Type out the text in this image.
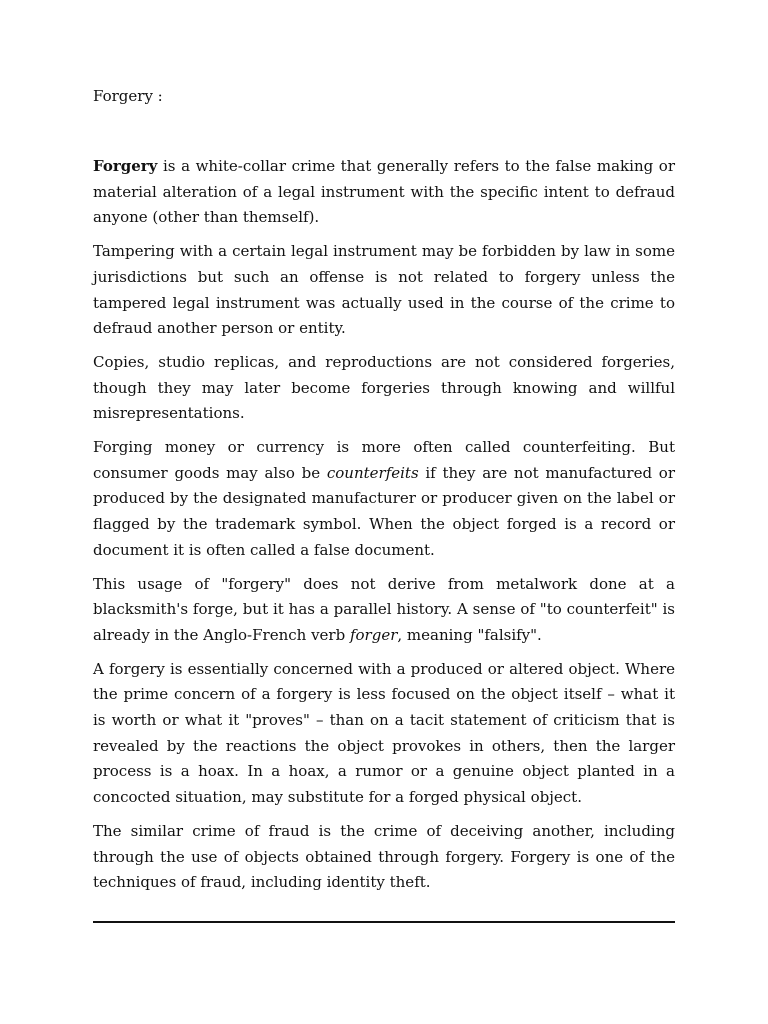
Forgery :

Forgery is a white-collar crime that generally refers to the false making or material alteration of a legal instrument with the specific intent to defraud anyone (other than themself).

Tampering with a certain legal instrument may be forbidden by law in some jurisdictions but such an offense is not related to forgery unless the tampered legal instrument was actually used in the course of the crime to defraud another person or entity.

Copies, studio replicas, and reproductions are not considered forgeries, though they may later become forgeries through knowing and willful misrepresentations.

Forging money or currency is more often called counterfeiting. But consumer goods may also be counterfeits if they are not manufactured or produced by the designated manufacturer or producer given on the label or flagged by the trademark symbol. When the object forged is a record or document it is often called a false document.

This usage of "forgery" does not derive from metalwork done at a blacksmith's forge, but it has a parallel history. A sense of "to counterfeit" is already in the Anglo-French verb forger, meaning "falsify".

A forgery is essentially concerned with a produced or altered object. Where the prime concern of a forgery is less focused on the object itself – what it is worth or what it "proves" – than on a tacit statement of criticism that is revealed by the reactions the object provokes in others, then the larger process is a hoax. In a hoax, a rumor or a genuine object planted in a concocted situation, may substitute for a forged physical object.

The similar crime of fraud is the crime of deceiving another, including through the use of objects obtained through forgery. Forgery is one of the techniques of fraud, including identity theft.
